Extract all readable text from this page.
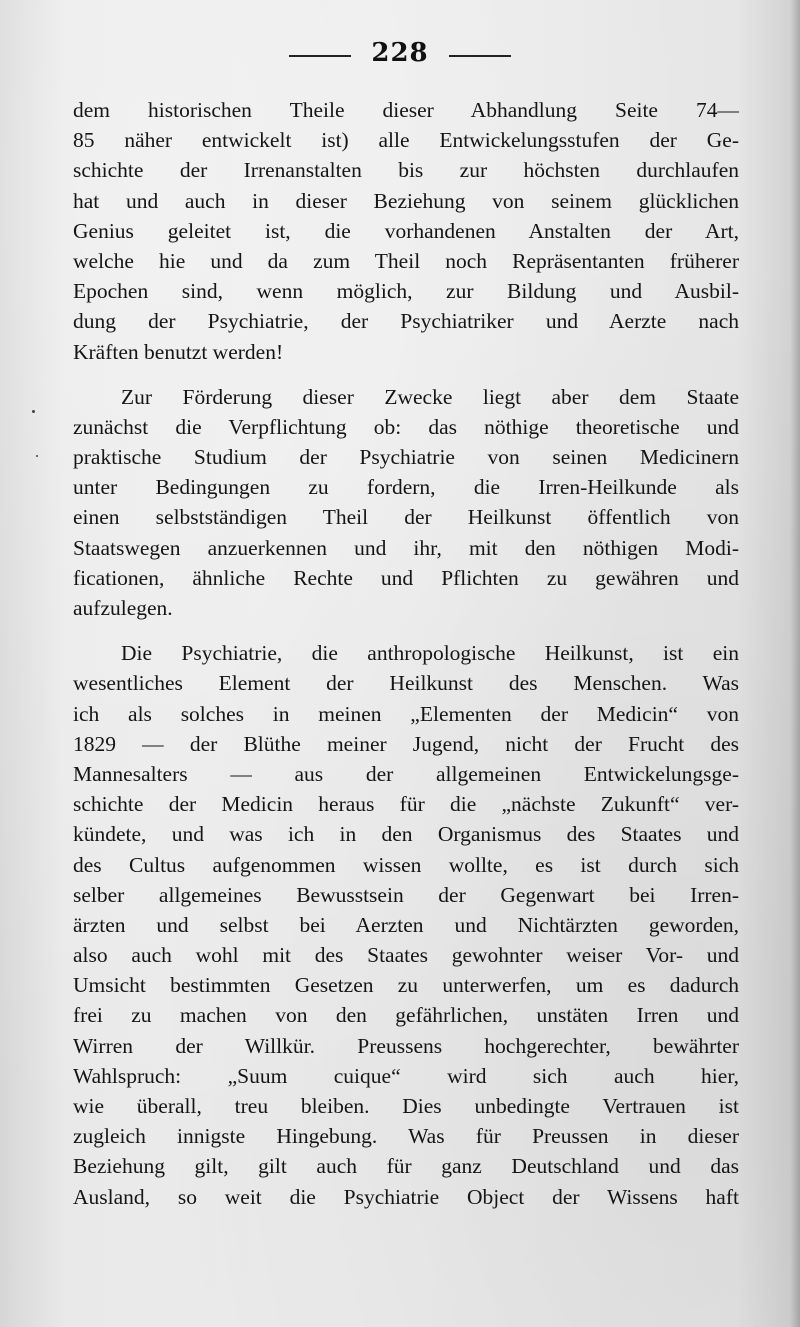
228
dem historischen Theile dieser Abhandlung Seite 74—
85 näher entwickelt ist) alle Entwickelungsstufen der Ge-
schichte der Irrenanstalten bis zur höchsten durchlaufen
hat und auch in dieser Beziehung von seinem glücklichen
Genius geleitet ist, die vorhandenen Anstalten der Art,
welche hie und da zum Theil noch Repräsentanten früherer
Epochen sind, wenn möglich, zur Bildung und Ausbil-
dung der Psychiatrie, der Psychiatriker und Aerzte nach
Kräften benutzt werden!
Zur Förderung dieser Zwecke liegt aber dem Staate
zunächst die Verpflichtung ob: das nöthige theoretische und
praktische Studium der Psychiatrie von seinen Medicinern
unter Bedingungen zu fordern, die Irren-Heilkunde als
einen selbstständigen Theil der Heilkunst öffentlich von
Staatswegen anzuerkennen und ihr, mit den nöthigen Modi-
ficationen, ähnliche Rechte und Pflichten zu gewähren und
aufzulegen.
Die Psychiatrie, die anthropologische Heilkunst, ist ein
wesentliches Element der Heilkunst des Menschen. Was
ich als solches in meinen „Elementen der Medicin“ von
1829 — der Blüthe meiner Jugend, nicht der Frucht des
Mannesalters — aus der allgemeinen Entwickelungsge-
schichte der Medicin heraus für die „nächste Zukunft“ ver-
kündete, und was ich in den Organismus des Staates und
des Cultus aufgenommen wissen wollte, es ist durch sich
selber allgemeines Bewusstsein der Gegenwart bei Irren-
ärzten und selbst bei Aerzten und Nichtärzten geworden,
also auch wohl mit des Staates gewohnter weiser Vor- und
Umsicht bestimmten Gesetzen zu unterwerfen, um es dadurch
frei zu machen von den gefährlichen, unstäten Irren und
Wirren der Willkür. Preussens hochgerechter, bewährter
Wahlspruch: „Suum cuique“ wird sich auch hier,
wie überall, treu bleiben. Dies unbedingte Vertrauen ist
zugleich innigste Hingebung. Was für Preussen in dieser
Beziehung gilt, gilt auch für ganz Deutschland und das
Ausland, so weit die Psychiatrie Object der Wissens haft
